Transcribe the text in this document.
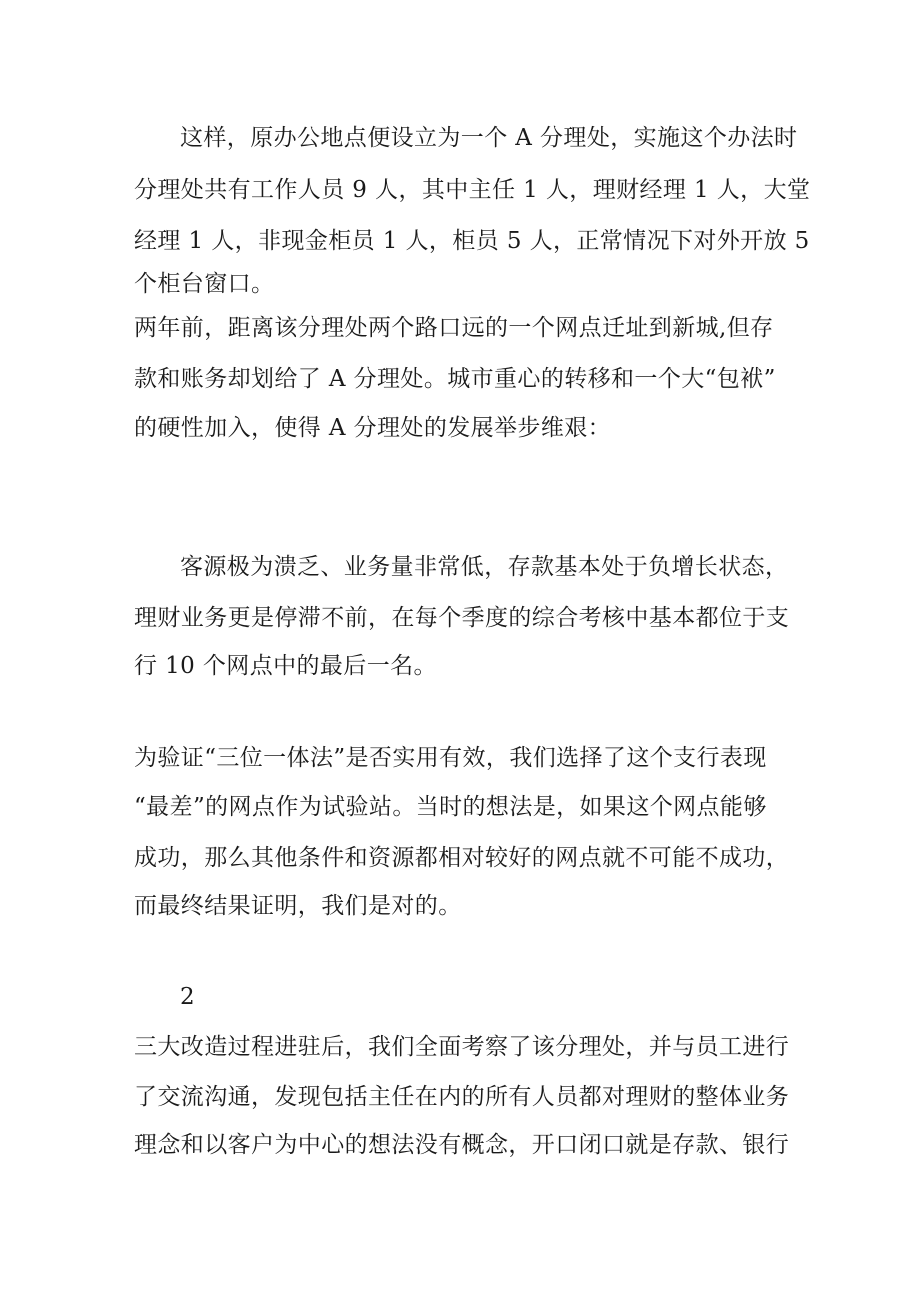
这样，原办公地点便设立为一个 A 分理处，实施这个办法时
分理处共有工作人员 9 人，其中主任 1 人，理财经理 1 人，大堂
经理 1 人，非现金柜员 1 人，柜员 5 人，正常情况下对外开放 5
个柜台窗口。
两年前，距离该分理处两个路口远的一个网点迁址到新城,但存
款和账务却划给了 A 分理处。城市重心的转移和一个大“包袱”
的硬性加入，使得 A 分理处的发展举步维艰：
客源极为溃乏、业务量非常低，存款基本处于负增长状态，
理财业务更是停滞不前，在每个季度的综合考核中基本都位于支
行 10 个网点中的最后一名。
为验证“三位一体法”是否实用有效，我们选择了这个支行表现
“最差”的网点作为试验站。当时的想法是，如果这个网点能够
成功，那么其他条件和资源都相对较好的网点就不可能不成功，
而最终结果证明，我们是对的。
2
三大改造过程进驻后，我们全面考察了该分理处，并与员工进行
了交流沟通，发现包括主任在内的所有人员都对理财的整体业务
理念和以客户为中心的想法没有概念，开口闭口就是存款、银行
